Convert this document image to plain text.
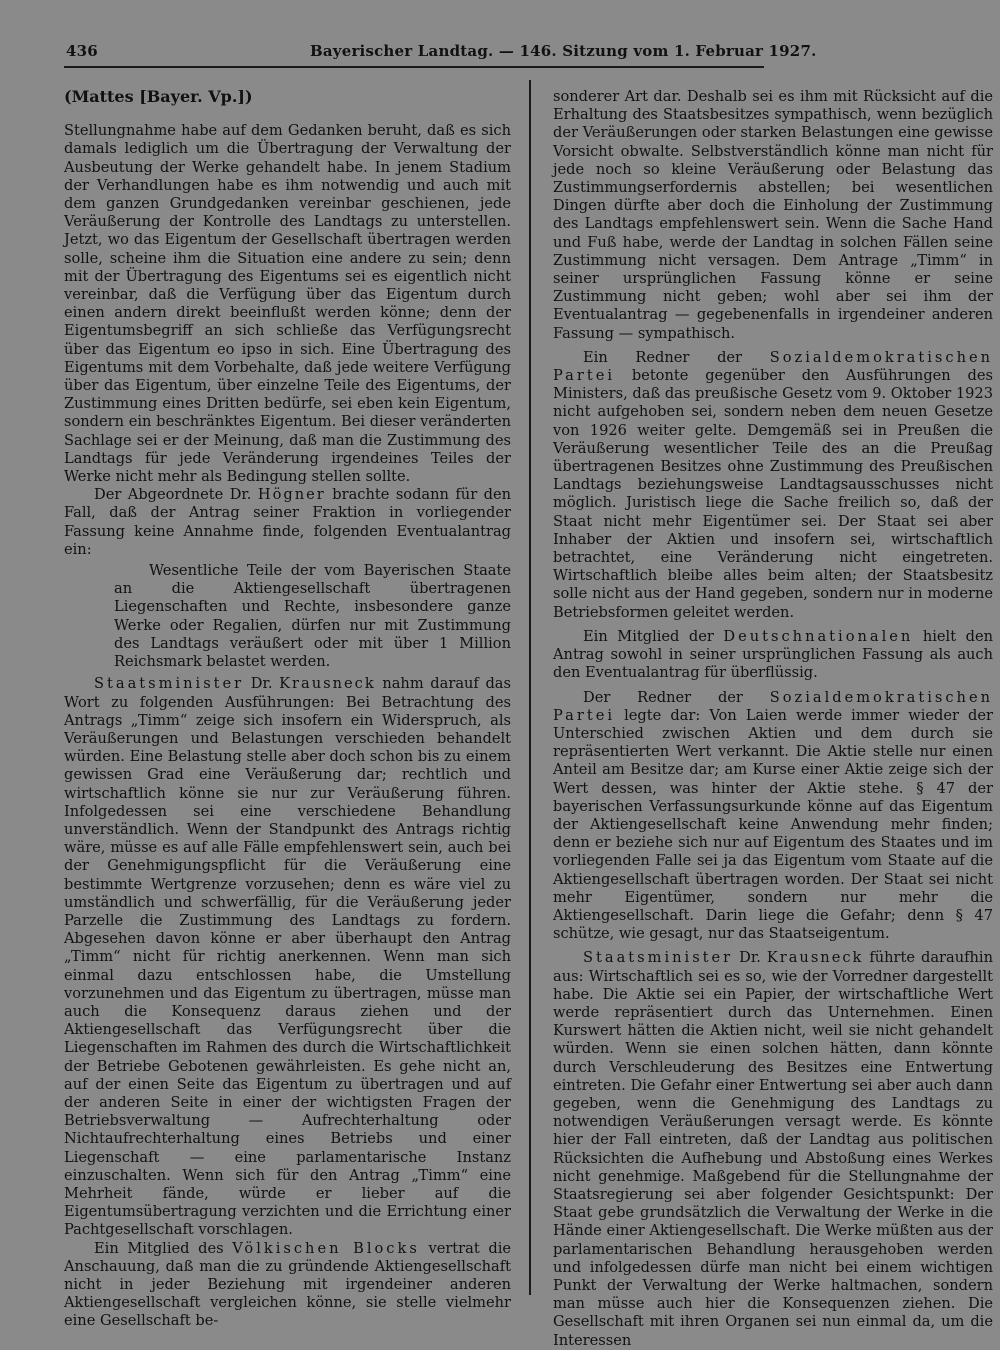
436	Bayerischer Landtag. — 146. Sitzung vom 1. Februar 1927.

(Mattes [Bayer. Vp.])

Stellungnahme habe auf dem Gedanken beruht, daß es sich damals lediglich um die Übertragung der Verwaltung der Ausbeutung der Werke gehandelt habe. In jenem Stadium der Verhandlungen habe es ihm notwendig und auch mit dem ganzen Grundgedanken vereinbar geschienen, jede Veräußerung der Kontrolle des Landtags zu unterstellen. Jetzt, wo das Eigentum der Gesellschaft übertragen werden solle, scheine ihm die Situation eine andere zu sein; denn mit der Übertragung des Eigentums sei es eigentlich nicht vereinbar, daß die Verfügung über das Eigentum durch einen andern direkt beeinflußt werden könne; denn der Eigentumsbegriff an sich schließe das Verfügungsrecht über das Eigentum eo ipso in sich. Eine Übertragung des Eigentums mit dem Vorbehalte, daß jede weitere Verfügung über das Eigentum, über einzelne Teile des Eigentums, der Zustimmung eines Dritten bedürfe, sei eben kein Eigentum, sondern ein beschränktes Eigentum. Bei dieser veränderten Sachlage sei er der Meinung, daß man die Zustimmung des Landtags für jede Veränderung irgendeines Teiles der Werke nicht mehr als Bedingung stellen sollte.

Der Abgeordnete Dr. Högner brachte sodann für den Fall, daß der Antrag seiner Fraktion in vorliegender Fassung keine Annahme finde, folgenden Eventualantrag ein:

Wesentliche Teile der vom Bayerischen Staate an die Aktiengesellschaft übertragenen Liegenschaften und Rechte, insbesondere ganze Werke oder Regalien, dürfen nur mit Zustimmung des Landtags veräußert oder mit über 1 Million Reichsmark belastet werden.

Staatsminister Dr. Krausneck nahm darauf das Wort zu folgenden Ausführungen: Bei Betrachtung des Antrags „Timm“ zeige sich insofern ein Widerspruch, als Veräußerungen und Belastungen verschieden behandelt würden. Eine Belastung stelle aber doch schon bis zu einem gewissen Grad eine Veräußerung dar; rechtlich und wirtschaftlich könne sie nur zur Veräußerung führen. Infolgedessen sei eine verschiedene Behandlung unverständlich. Wenn der Standpunkt des Antrags richtig wäre, müsse es auf alle Fälle empfehlenswert sein, auch bei der Genehmigungspflicht für die Veräußerung eine bestimmte Wertgrenze vorzusehen; denn es wäre viel zu umständlich und schwerfällig, für die Veräußerung jeder Parzelle die Zustimmung des Landtags zu fordern. Abgesehen davon könne er aber überhaupt den Antrag „Timm“ nicht für richtig anerkennen. Wenn man sich einmal dazu entschlossen habe, die Umstellung vorzunehmen und das Eigentum zu übertragen, müsse man auch die Konsequenz daraus ziehen und der Aktiengesellschaft das Verfügungsrecht über die Liegenschaften im Rahmen des durch die Wirtschaftlichkeit der Betriebe Gebotenen gewährleisten. Es gehe nicht an, auf der einen Seite das Eigentum zu übertragen und auf der anderen Seite in einer der wichtigsten Fragen der Betriebsverwaltung — Aufrechterhaltung oder Nichtaufrechterhaltung eines Betriebs und einer Liegenschaft — eine parlamentarische Instanz einzuschalten. Wenn sich für den Antrag „Timm“ eine Mehrheit fände, würde er lieber auf die Eigentumsübertragung verzichten und die Errichtung einer Pachtgesellschaft vorschlagen.

Ein Mitglied des Völkischen Blocks vertrat die Anschauung, daß man die zu gründende Aktiengesellschaft nicht in jeder Beziehung mit irgendeiner anderen Aktiengesellschaft vergleichen könne, sie stelle vielmehr eine Gesellschaft be-

sonderer Art dar. Deshalb sei es ihm mit Rücksicht auf die Erhaltung des Staatsbesitzes sympathisch, wenn bezüglich der Veräußerungen oder starken Belastungen eine gewisse Vorsicht obwalte. Selbstverständlich könne man nicht für jede noch so kleine Veräußerung oder Belastung das Zustimmungserfordernis abstellen; bei wesentlichen Dingen dürfte aber doch die Einholung der Zustimmung des Landtags empfehlenswert sein. Wenn die Sache Hand und Fuß habe, werde der Landtag in solchen Fällen seine Zustimmung nicht versagen. Dem Antrage „Timm“ in seiner ursprünglichen Fassung könne er seine Zustimmung nicht geben; wohl aber sei ihm der Eventualantrag — gegebenenfalls in irgendeiner anderen Fassung — sympathisch.

Ein Redner der Sozialdemokratischen Partei betonte gegenüber den Ausführungen des Ministers, daß das preußische Gesetz vom 9. Oktober 1923 nicht aufgehoben sei, sondern neben dem neuen Gesetze von 1926 weiter gelte. Demgemäß sei in Preußen die Veräußerung wesentlicher Teile des an die Preußag übertragenen Besitzes ohne Zustimmung des Preußischen Landtags beziehungsweise Landtagsausschusses nicht möglich. Juristisch liege die Sache freilich so, daß der Staat nicht mehr Eigentümer sei. Der Staat sei aber Inhaber der Aktien und insofern sei, wirtschaftlich betrachtet, eine Veränderung nicht eingetreten. Wirtschaftlich bleibe alles beim alten; der Staatsbesitz solle nicht aus der Hand gegeben, sondern nur in moderne Betriebsformen geleitet werden.

Ein Mitglied der Deutschnationalen hielt den Antrag sowohl in seiner ursprünglichen Fassung als auch den Eventualantrag für überflüssig.

Der Redner der Sozialdemokratischen Partei legte dar: Von Laien werde immer wieder der Unterschied zwischen Aktien und dem durch sie repräsentierten Wert verkannt. Die Aktie stelle nur einen Anteil am Besitze dar; am Kurse einer Aktie zeige sich der Wert dessen, was hinter der Aktie stehe. § 47 der bayerischen Verfassungsurkunde könne auf das Eigentum der Aktiengesellschaft keine Anwendung mehr finden; denn er beziehe sich nur auf Eigentum des Staates und im vorliegenden Falle sei ja das Eigentum vom Staate auf die Aktiengesellschaft übertragen worden. Der Staat sei nicht mehr Eigentümer, sondern nur mehr die Aktiengesellschaft. Darin liege die Gefahr; denn § 47 schütze, wie gesagt, nur das Staatseigentum.

Staatsminister Dr. Krausneck führte daraufhin aus: Wirtschaftlich sei es so, wie der Vorredner dargestellt habe. Die Aktie sei ein Papier, der wirtschaftliche Wert werde repräsentiert durch das Unternehmen. Einen Kurswert hätten die Aktien nicht, weil sie nicht gehandelt würden. Wenn sie einen solchen hätten, dann könnte durch Verschleuderung des Besitzes eine Entwertung eintreten. Die Gefahr einer Entwertung sei aber auch dann gegeben, wenn die Genehmigung des Landtags zu notwendigen Veräußerungen versagt werde. Es könnte hier der Fall eintreten, daß der Landtag aus politischen Rücksichten die Aufhebung und Abstoßung eines Werkes nicht genehmige. Maßgebend für die Stellungnahme der Staatsregierung sei aber folgender Gesichtspunkt: Der Staat gebe grundsätzlich die Verwaltung der Werke in die Hände einer Aktiengesellschaft. Die Werke müßten aus der parlamentarischen Behandlung herausgehoben werden und infolgedessen dürfe man nicht bei einem wichtigen Punkt der Verwaltung der Werke haltmachen, sondern man müsse auch hier die Konsequenzen ziehen. Die Gesellschaft mit ihren Organen sei nun einmal da, um die Interessen
